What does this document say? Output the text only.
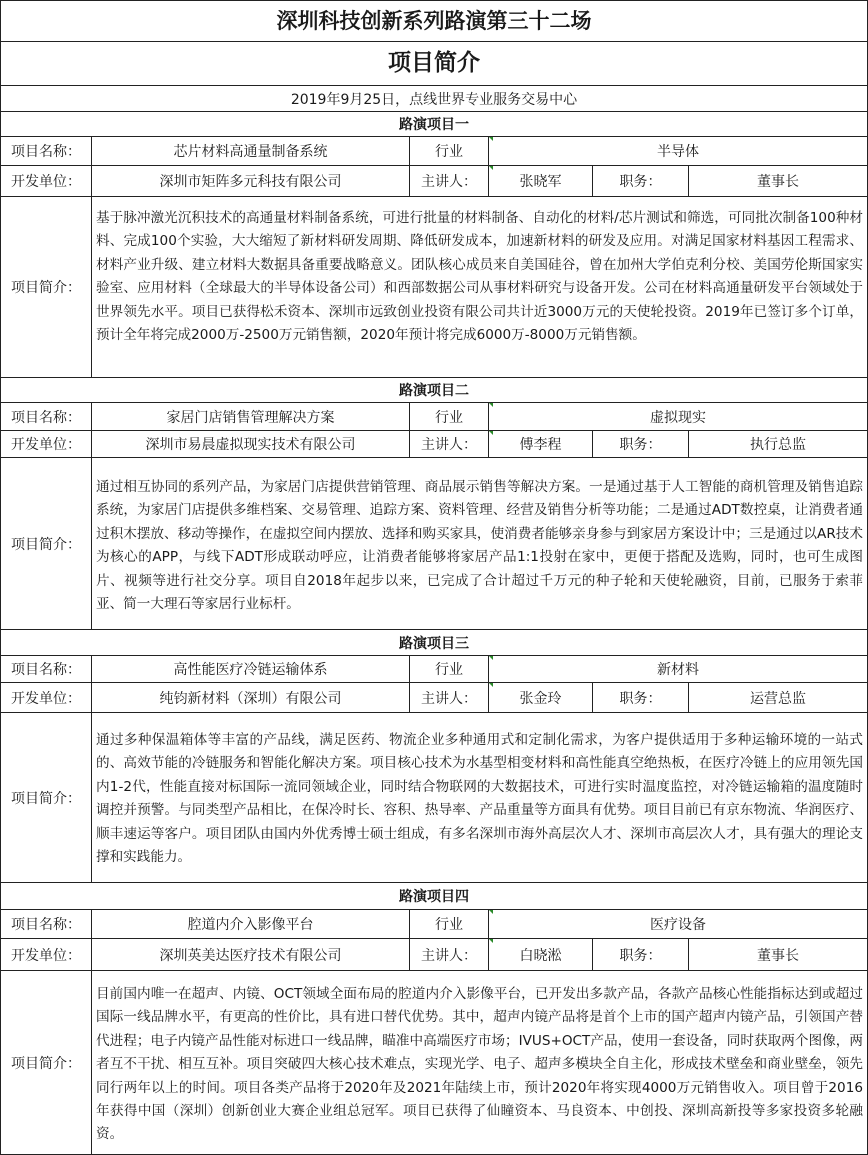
深圳科技创新系列路演第三十二场
项目简介
2019年9月25日，点线世界专业服务交易中心
路演项目一
项目名称：	芯片材料高通量制备系统	行业	半导体
开发单位：	深圳市矩阵多元科技有限公司	主讲人：	张晓军	职务：	董事长
项目简介：
基于脉冲激光沉积技术的高通量材料制备系统，可进行批量的材料制备、自动化的材料/芯片测试和筛选，可同批次制备100种材料、完成100个实验，大大缩短了新材料研发周期、降低研发成本，加速新材料的研发及应用。对满足国家材料基因工程需求、材料产业升级、建立材料大数据具备重要战略意义。团队核心成员来自美国硅谷，曾在加州大学伯克利分校、美国劳伦斯国家实验室、应用材料（全球最大的半导体设备公司）和西部数据公司从事材料研究与设备开发。公司在材料高通量研发平台领域处于世界领先水平。项目已获得松禾资本、深圳市远致创业投资有限公司共计近3000万元的天使轮投资。2019年已签订多个订单，预计全年将完成2000万-2500万元销售额，2020年预计将完成6000万-8000万元销售额。
路演项目二
项目名称：	家居门店销售管理解决方案	行业	虚拟现实
开发单位：	深圳市易晨虚拟现实技术有限公司	主讲人：	傅李程	职务：	执行总监
项目简介：
通过相互协同的系列产品，为家居门店提供营销管理、商品展示销售等解决方案。一是通过基于人工智能的商机管理及销售追踪系统，为家居门店提供多维档案、交易管理、追踪方案、资料管理、经营及销售分析等功能；二是通过ADT数控桌，让消费者通过积木摆放、移动等操作，在虚拟空间内摆放、选择和购买家具，使消费者能够亲身参与到家居方案设计中；三是通过以AR技术为核心的APP，与线下ADT形成联动呼应，让消费者能够将家居产品1:1投射在家中，更便于搭配及选购，同时，也可生成图片、视频等进行社交分享。项目自2018年起步以来，已完成了合计超过千万元的种子轮和天使轮融资，目前，已服务于索菲亚、简一大理石等家居行业标杆。
路演项目三
项目名称：	高性能医疗冷链运输体系	行业	新材料
开发单位：	纯钧新材料（深圳）有限公司	主讲人：	张金玲	职务：	运营总监
项目简介：
通过多种保温箱体等丰富的产品线，满足医药、物流企业多种通用式和定制化需求，为客户提供适用于多种运输环境的一站式的、高效节能的冷链服务和智能化解决方案。项目核心技术为水基型相变材料和高性能真空绝热板，在医疗冷链上的应用领先国内1-2代，性能直接对标国际一流同领域企业，同时结合物联网的大数据技术，可进行实时温度监控，对冷链运输箱的温度随时调控并预警。与同类型产品相比，在保冷时长、容积、热导率、产品重量等方面具有优势。项目目前已有京东物流、华润医疗、顺丰速运等客户。项目团队由国内外优秀博士硕士组成，有多名深圳市海外高层次人才、深圳市高层次人才，具有强大的理论支撑和实践能力。
路演项目四
项目名称：	腔道内介入影像平台	行业	医疗设备
开发单位：	深圳英美达医疗技术有限公司	主讲人：	白晓淞	职务：	董事长
项目简介：
目前国内唯一在超声、内镜、OCT领域全面布局的腔道内介入影像平台，已开发出多款产品，各款产品核心性能指标达到或超过国际一线品牌水平，有更高的性价比，具有进口替代优势。其中，超声内镜产品将是首个上市的国产超声内镜产品，引领国产替代进程；电子内镜产品性能对标进口一线品牌，瞄准中高端医疗市场；IVUS+OCT产品，使用一套设备，同时获取两个图像，两者互不干扰、相互互补。项目突破四大核心技术难点，实现光学、电子、超声多模块全自主化，形成技术壁垒和商业壁垒，领先同行两年以上的时间。项目各类产品将于2020年及2021年陆续上市，预计2020年将实现4000万元销售收入。项目曾于2016年获得中国（深圳）创新创业大赛企业组总冠军。项目已获得了仙瞳资本、马良资本、中创投、深圳高新投等多家投资多轮融资。
